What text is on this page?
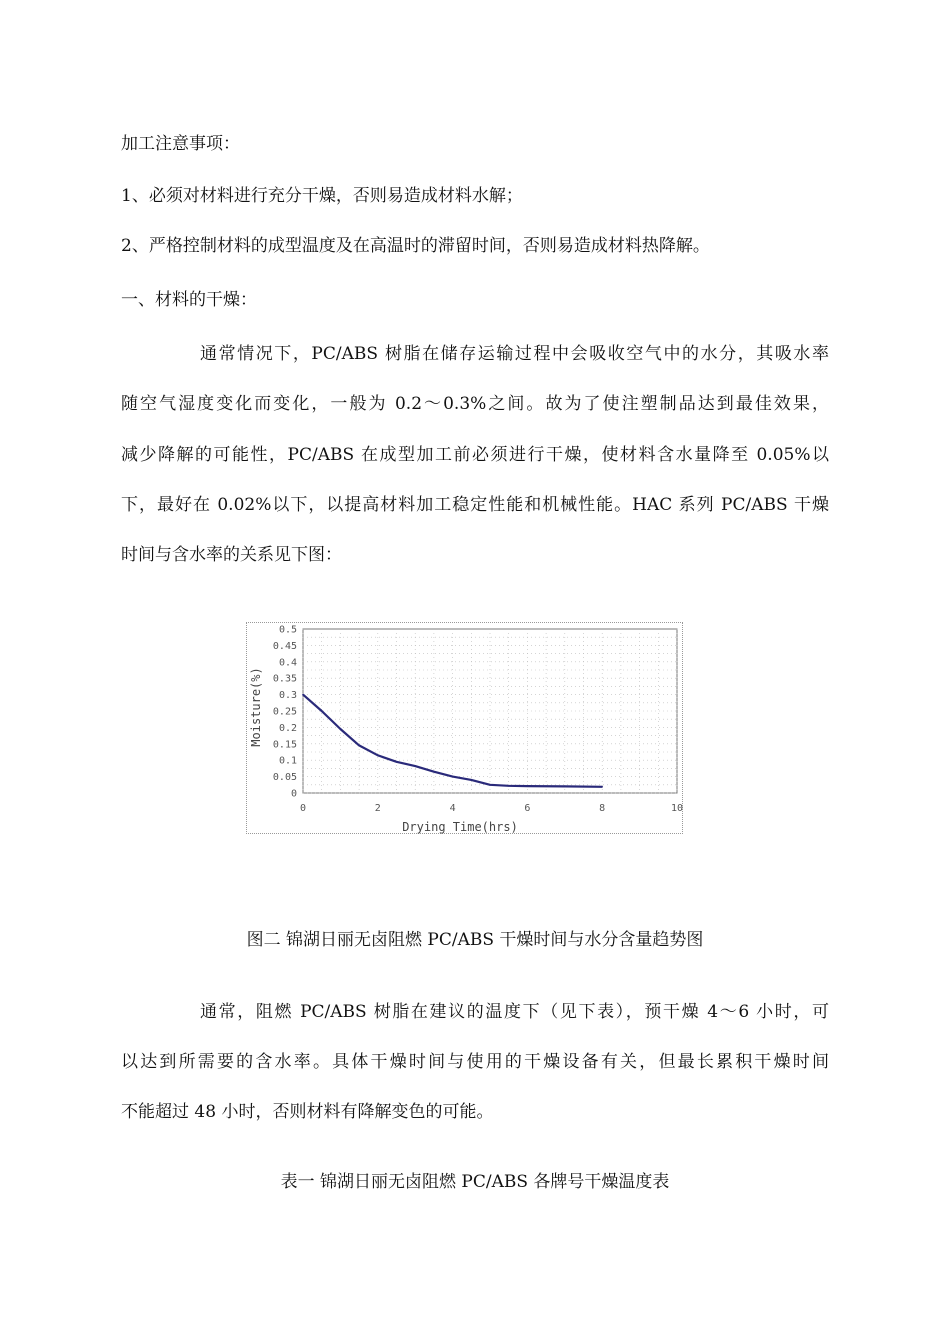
加工注意事项：
1、必须对材料进行充分干燥，否则易造成材料水解；
2、严格控制材料的成型温度及在高温时的滞留时间，否则易造成材料热降解。
一、材料的干燥：
通常情况下，PC/ABS 树脂在储存运输过程中会吸收空气中的水分，其吸水率
随空气湿度变化而变化，一般为 0.2～0.3%之间。故为了使注塑制品达到最佳效果，
减少降解的可能性，PC/ABS 在成型加工前必须进行干燥，使材料含水量降至 0.05%以
下，最好在 0.02%以下，以提高材料加工稳定性能和机械性能。HAC 系列 PC/ABS 干燥
时间与含水率的关系见下图：
0
0.05
0.1
0.15
0.2
0.25
0.3
0.35
0.4
0.45
0.5
0	2	4	6	8	10
Drying Time(hrs)
Moisture(%)
图二 锦湖日丽无卤阻燃 PC/ABS 干燥时间与水分含量趋势图
通常，阻燃 PC/ABS 树脂在建议的温度下（见下表），预干燥 4～6 小时，可
以达到所需要的含水率。具体干燥时间与使用的干燥设备有关，但最长累积干燥时间
不能超过 48 小时，否则材料有降解变色的可能。
表一 锦湖日丽无卤阻燃 PC/ABS 各牌号干燥温度表
